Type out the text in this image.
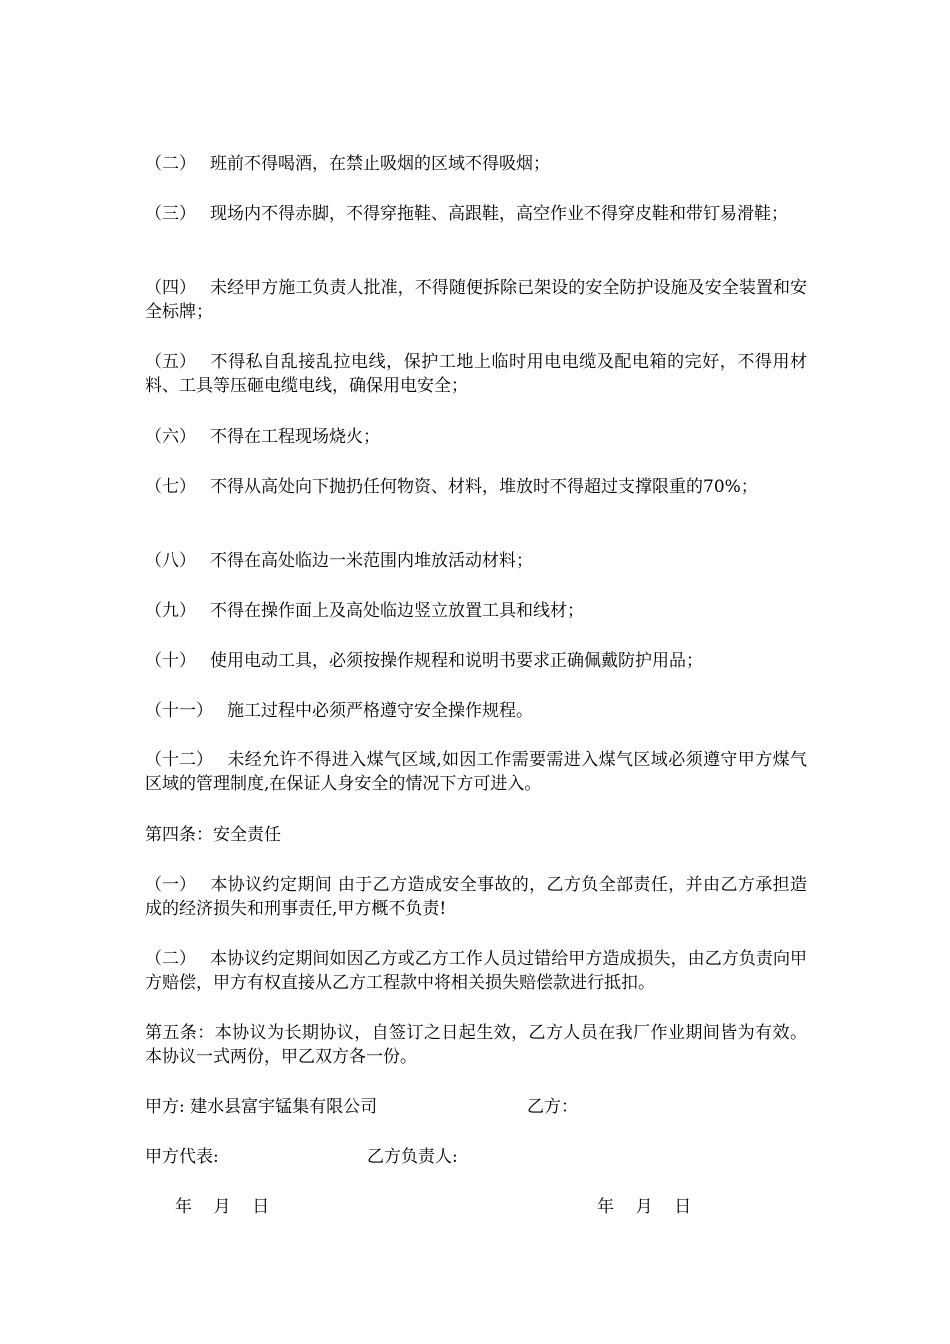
（二） 班前不得喝酒，在禁止吸烟的区域不得吸烟；

（三） 现场内不得赤脚，不得穿拖鞋、高跟鞋，高空作业不得穿皮鞋和带钉易滑鞋；

（四） 未经甲方施工负责人批准，不得随便拆除已架设的安全防护设施及安全装置和安全标牌；

（五） 不得私自乱接乱拉电线，保护工地上临时用电电缆及配电箱的完好，不得用材料、工具等压砸电缆电线，确保用电安全；

（六） 不得在工程现场烧火；

（七） 不得从高处向下抛扔任何物资、材料，堆放时不得超过支撑限重的70%；

（八） 不得在高处临边一米范围内堆放活动材料；

（九） 不得在操作面上及高处临边竖立放置工具和线材；

（十） 使用电动工具，必须按操作规程和说明书要求正确佩戴防护用品；

（十一） 施工过程中必须严格遵守安全操作规程。

（十二） 未经允许不得进入煤气区域,如因工作需要需进入煤气区域必须遵守甲方煤气区域的管理制度,在保证人身安全的情况下方可进入。

第四条：安全责任

（一） 本协议约定期间 由于乙方造成安全事故的，乙方负全部责任，并由乙方承担造成的经济损失和刑事责任,甲方概不负责!

（二） 本协议约定期间如因乙方或乙方工作人员过错给甲方造成损失，由乙方负责向甲方赔偿，甲方有权直接从乙方工程款中将相关损失赔偿款进行抵扣。

第五条：本协议为长期协议，自签订之日起生效，乙方人员在我厂作业期间皆为有效。本协议一式两份，甲乙双方各一份。

甲方: 建水县富宇锰集有限公司	乙方：
甲方代表:	乙方负责人:
年    月    日	年    月    日
